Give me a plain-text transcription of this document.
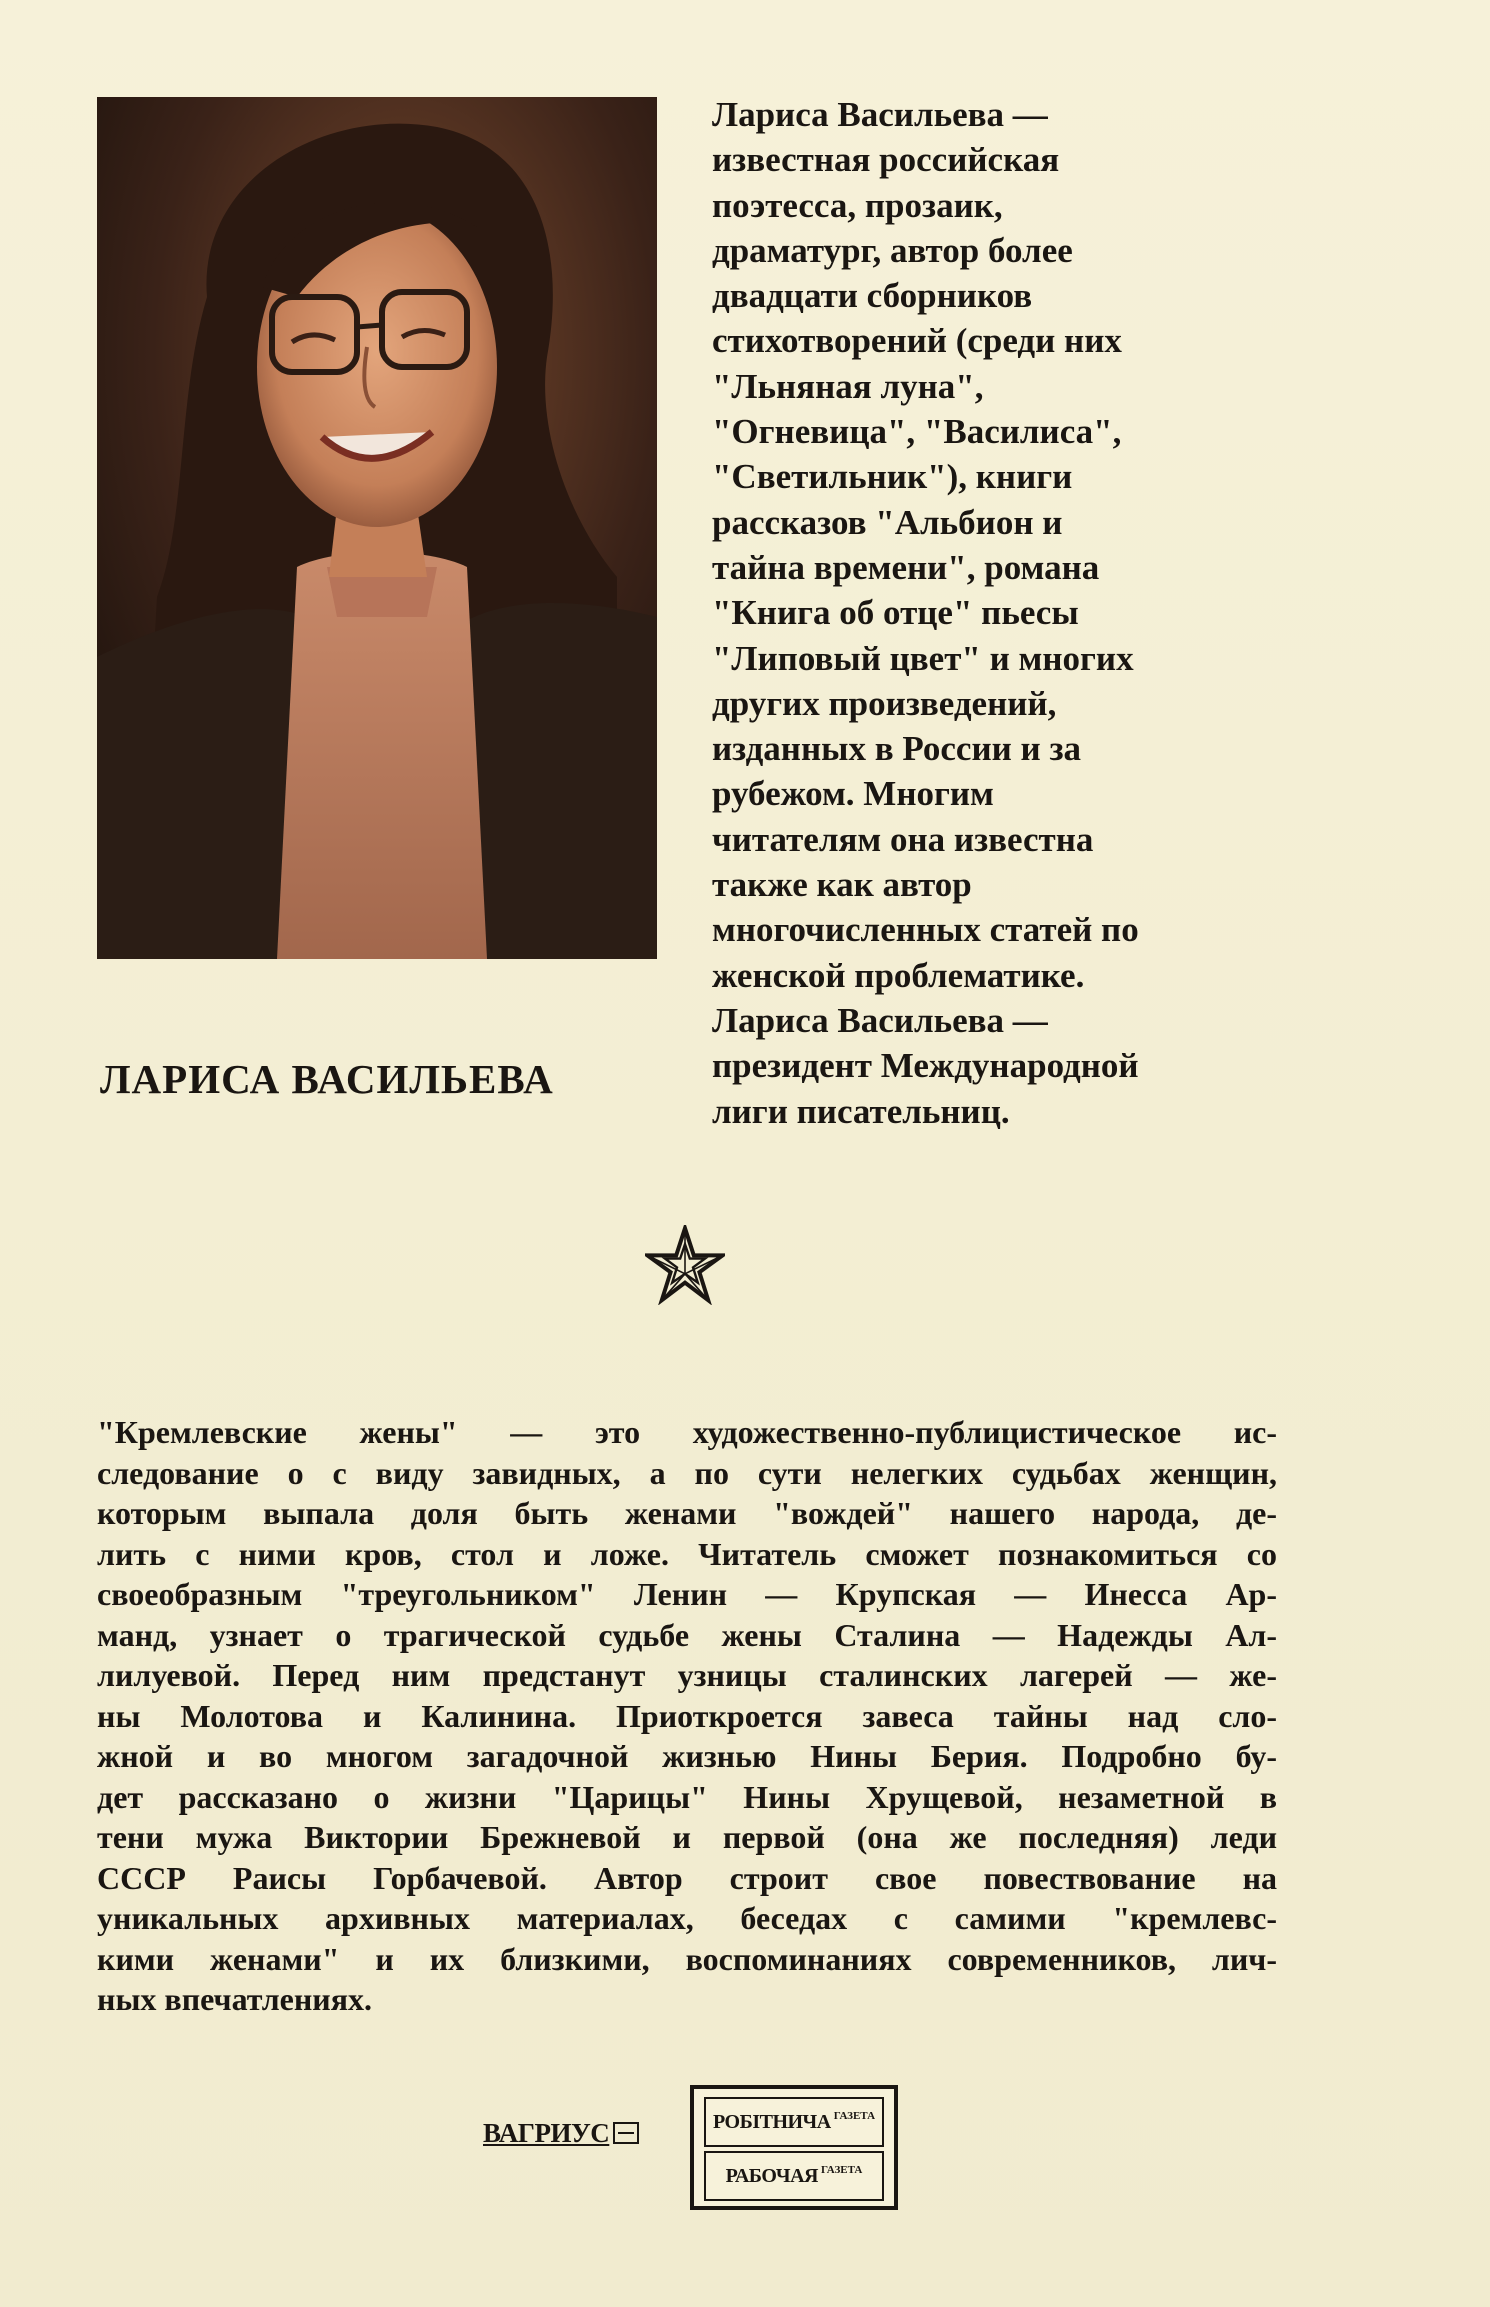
ЛАРИСА ВАСИЛЬЕВА
Лариса Васильева —
известная российская
поэтесса, прозаик,
драматург, автор более
двадцати сборников
стихотворений (среди них
"Льняная луна",
"Огневица", "Василиса",
"Светильник"), книги
рассказов "Альбион и
тайна времени", романа
"Книга об отце" пьесы
"Липовый цвет" и многих
других произведений,
изданных в России и за
рубежом. Многим
читателям она известна
также как автор
многочисленных статей по
женской проблематике.
Лариса Васильева —
президент Международной
лиги писательниц.
"Кремлевские жены" — это художественно-публицистическое ис-
следование о с виду завидных, а по сути нелегких судьбах женщин,
которым выпала доля быть женами "вождей" нашего народа, де-
лить с ними кров, стол и ложе. Читатель сможет познакомиться со
своеобразным "треугольником" Ленин — Крупская — Инесса Ар-
манд, узнает о трагической судьбе жены Сталина — Надежды Ал-
лилуевой. Перед ним предстанут узницы сталинских лагерей — же-
ны Молотова и Калинина. Приоткроется завеса тайны над сло-
жной и во многом загадочной жизнью Нины Берия. Подробно бу-
дет рассказано о жизни "Царицы" Нины Хрущевой, незаметной в
тени мужа Виктории Брежневой и первой (она же последняя) леди
СССР Раисы Горбачевой. Автор строит свое повествование на
уникальных архивных материалах, беседах с самими "кремлевс-
кими женами" и их близкими, воспоминаниях современников, лич-
ных впечатлениях.
ВАГРИУС	РОБІТНИЧА ГАЗЕТА
РАБОЧАЯ ГАЗЕТА
